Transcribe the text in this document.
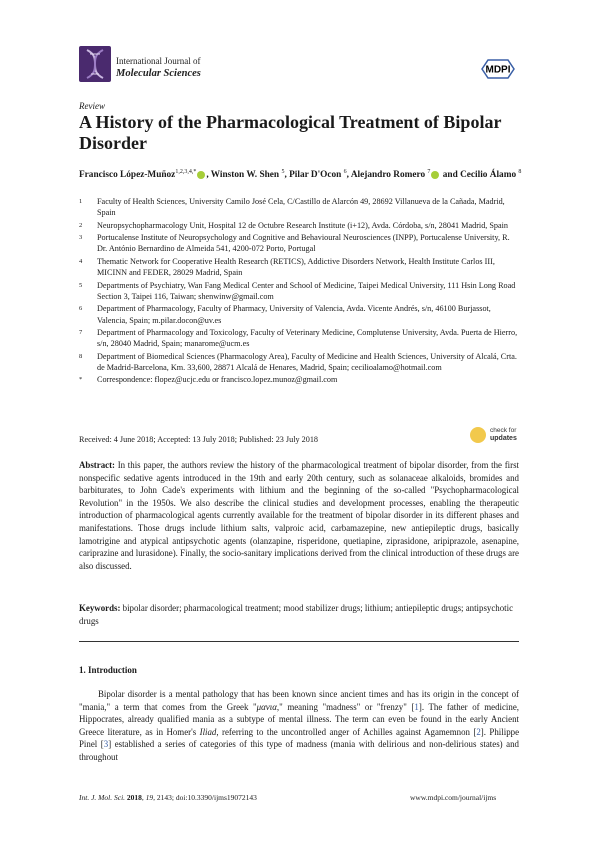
International Journal of
Molecular Sciences	MDPI
Review
A History of the Pharmacological Treatment of Bipolar Disorder
Francisco López-Muñoz$^{1,2,3,4,*}$ , Winston W. Shen $^5$, Pilar D'Ocon $^6$, Alejandro Romero $^7$ and Cecilio Álamo $^8$
1	Faculty of Health Sciences, University Camilo José Cela, C/Castillo de Alarcón 49, 28692 Villanueva de la Cañada, Madrid, Spain
2	Neuropsychopharmacology Unit, Hospital 12 de Octubre Research Institute (i+12), Avda. Córdoba, s/n, 28041 Madrid, Spain
3	Portucalense Institute of Neuropsychology and Cognitive and Behavioural Neurosciences (INPP), Portucalense University, R. Dr. António Bernardino de Almeida 541, 4200-072 Porto, Portugal
4	Thematic Network for Cooperative Health Research (RETICS), Addictive Disorders Network, Health Institute Carlos III, MICINN and FEDER, 28029 Madrid, Spain
5	Departments of Psychiatry, Wan Fang Medical Center and School of Medicine, Taipei Medical University, 111 Hsin Long Road Section 3, Taipei 116, Taiwan; shenwinw@gmail.com
6	Department of Pharmacology, Faculty of Pharmacy, University of Valencia, Avda. Vicente Andrés, s/n, 46100 Burjassot, Valencia, Spain; m.pilar.docon@uv.es
7	Department of Pharmacology and Toxicology, Faculty of Veterinary Medicine, Complutense University, Avda. Puerta de Hierro, s/n, 28040 Madrid, Spain; manarome@ucm.es
8	Department of Biomedical Sciences (Pharmacology Area), Faculty of Medicine and Health Sciences, University of Alcalá, Crta. de Madrid-Barcelona, Km. 33,600, 28871 Alcalá de Henares, Madrid, Spain; cecilioalamo@hotmail.com
*	Correspondence: flopez@ucjc.edu or francisco.lopez.munoz@gmail.com
Received: 4 June 2018; Accepted: 13 July 2018; Published: 23 July 2018
check for
updates
Abstract: In this paper, the authors review the history of the pharmacological treatment of bipolar disorder, from the first nonspecific sedative agents introduced in the 19th and early 20th century, such as solanaceae alkaloids, bromides and barbiturates, to John Cade's experiments with lithium and the beginning of the so-called "Psychopharmacological Revolution" in the 1950s. We also describe the clinical studies and development processes, enabling the therapeutic introduction of pharmacological agents currently available for the treatment of bipolar disorder in its different phases and manifestations. Those drugs include lithium salts, valproic acid, carbamazepine, new antiepileptic drugs, basically lamotrigine and atypical antipsychotic agents (olanzapine, risperidone, quetiapine, ziprasidone, aripiprazole, asenapine, cariprazine and lurasidone). Finally, the socio-sanitary implications derived from the clinical introduction of these drugs are also discussed.
Keywords: bipolar disorder; pharmacological treatment; mood stabilizer drugs; lithium; antiepileptic drugs; antipsychotic drugs
1. Introduction
Bipolar disorder is a mental pathology that has been known since ancient times and has its origin in the concept of "mania," a term that comes from the Greek "μανια," meaning "madness" or "frenzy" [1]. The father of medicine, Hippocrates, already qualified mania as a subtype of mental illness. The term can even be found in the early Ancient Greece literature, as in Homer's Iliad, referring to the uncontrolled anger of Achilles against Agamemnon [2]. Philippe Pinel [3] established a series of categories of this type of madness (mania with delirious and non-delirious states) and throughout
Int. J. Mol. Sci. 2018, 19, 2143; doi:10.3390/ijms19072143	www.mdpi.com/journal/ijms
